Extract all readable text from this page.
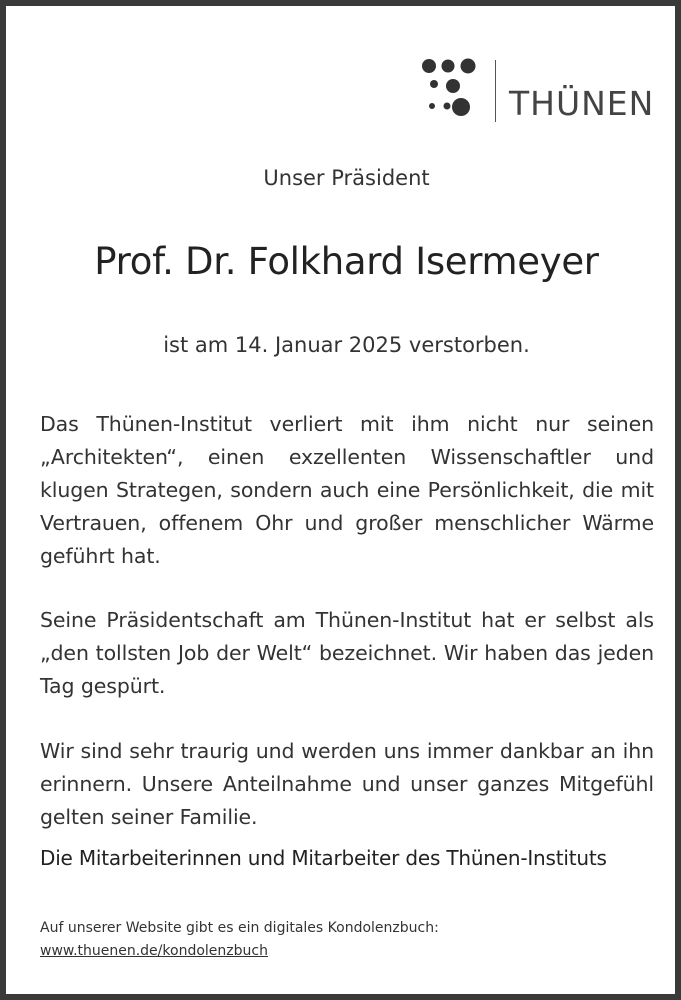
THÜNEN
Unser Präsident
Prof. Dr. Folkhard Isermeyer
ist am 14. Januar 2025 verstorben.
Das Thünen-Institut verliert mit ihm nicht nur seinen „Architekten“, einen exzellenten Wissenschaftler und klugen Strategen, sondern auch eine Persönlichkeit, die mit Vertrauen, offenem Ohr und großer menschlicher Wärme geführt hat.
Seine Präsidentschaft am Thünen-Institut hat er selbst als „den tollsten Job der Welt“ bezeichnet. Wir haben das jeden Tag gespürt.
Wir sind sehr traurig und werden uns immer dankbar an ihn erinnern. Unsere Anteilnahme und unser ganzes Mitgefühl gelten seiner Familie.
Die Mitarbeiterinnen und Mitarbeiter des Thünen-Instituts
Auf unserer Website gibt es ein digitales Kondolenzbuch:
www.thuenen.de/kondolenzbuch
